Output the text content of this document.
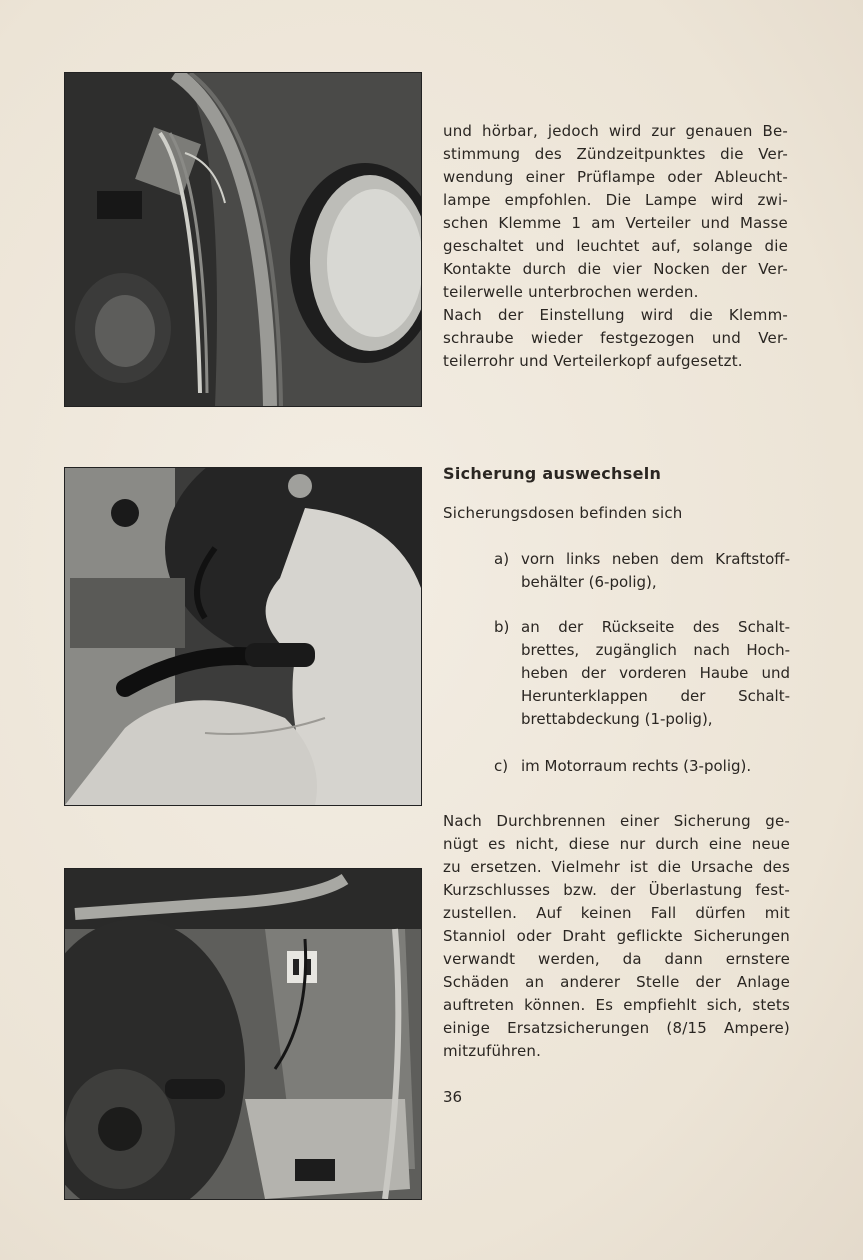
und hörbar, jedoch wird zur genauen Be-
stimmung des Zündzeitpunktes die Ver-
wendung einer Prüflampe oder Ableucht-
lampe empfohlen. Die Lampe wird zwi-
schen Klemme 1 am Verteiler und Masse
geschaltet und leuchtet auf, solange die
Kontakte durch die vier Nocken der Ver-
teilerwelle unterbrochen werden.
Nach der Einstellung wird die Klemm-
schraube wieder festgezogen und Ver-
teilerrohr und Verteilerkopf aufgesetzt.
Sicherung auswechseln
Sicherungsdosen befinden sich
a) vorn links neben dem Kraftstoff-
behälter (6-polig),
b) an der Rückseite des Schalt-
brettes, zugänglich nach Hoch-
heben der vorderen Haube und
Herunterklappen der Schalt-
brettabdeckung (1-polig),
c) im Motorraum rechts (3-polig).
Nach Durchbrennen einer Sicherung ge-
nügt es nicht, diese nur durch eine neue
zu ersetzen. Vielmehr ist die Ursache des
Kurzschlusses bzw. der Überlastung fest-
zustellen. Auf keinen Fall dürfen mit
Stanniol oder Draht geflickte Sicherungen
verwandt werden, da dann ernstere
Schäden an anderer Stelle der Anlage
auftreten können. Es empfiehlt sich, stets
einige Ersatzsicherungen (8/15 Ampere)
mitzuführen.
36
